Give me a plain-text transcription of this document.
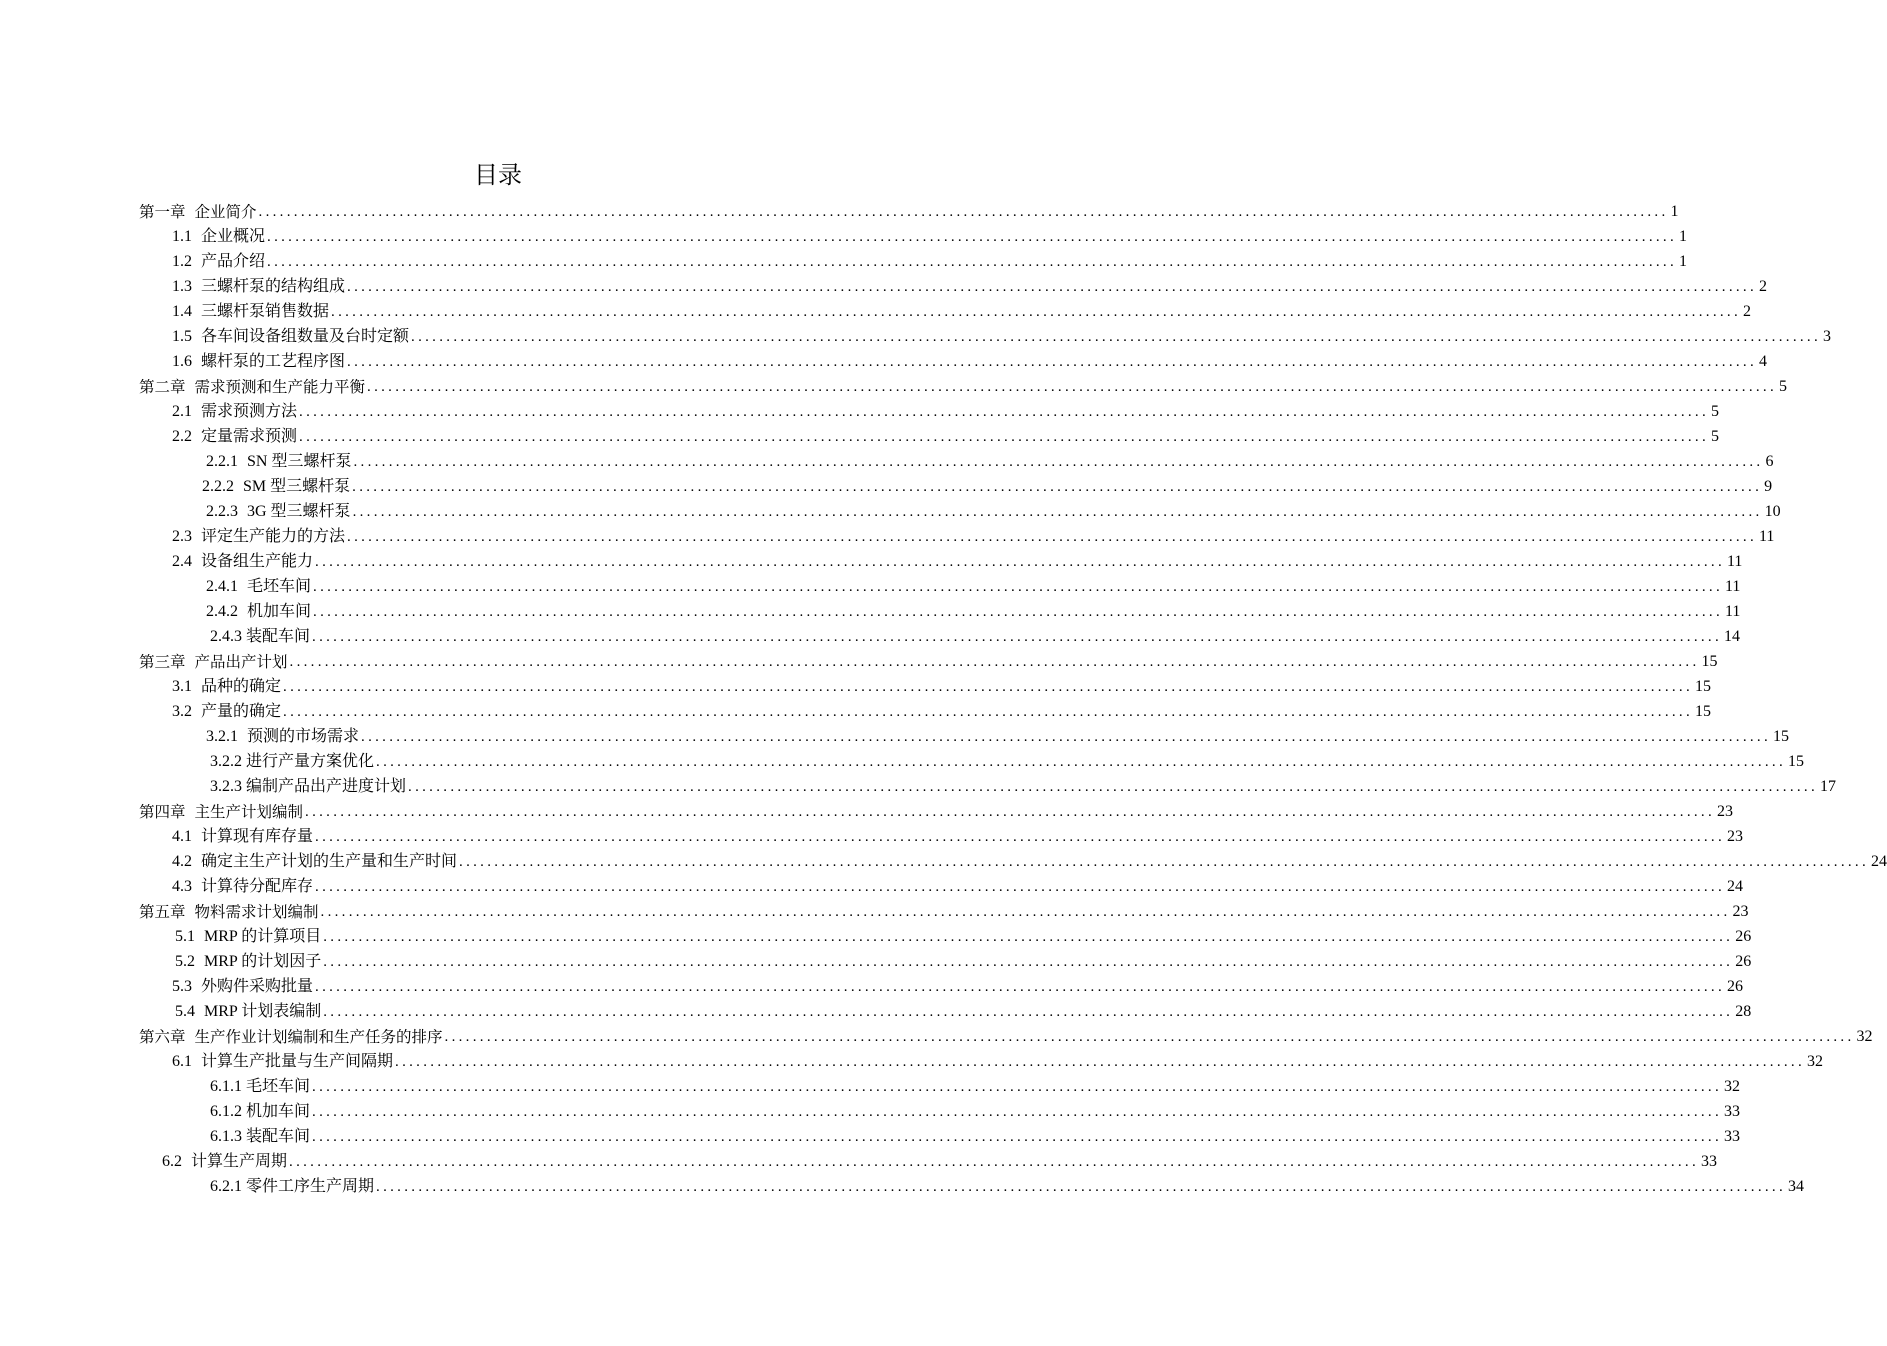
目录
第一章 企业简介 ........................................................................................................................................................................................................ 1
1.1 企业概况 ........................................................................................................................................................................................................ 1
1.2 产品介绍 ........................................................................................................................................................................................................ 1
1.3 三螺杆泵的结构组成 ........................................................................................................................................................................................................ 2
1.4 三螺杆泵销售数据 ........................................................................................................................................................................................................ 2
1.5 各车间设备组数量及台时定额 ........................................................................................................................................................................................................ 3
1.6 螺杆泵的工艺程序图 ........................................................................................................................................................................................................ 4
第二章 需求预测和生产能力平衡 ........................................................................................................................................................................................................ 5
2.1 需求预测方法 ........................................................................................................................................................................................................ 5
2.2 定量需求预测 ........................................................................................................................................................................................................ 5
2.2.1 SN 型三螺杆泵 ........................................................................................................................................................................................................ 6
2.2.2 SM 型三螺杆泵 ........................................................................................................................................................................................................ 9
2.2.3 3G 型三螺杆泵 ........................................................................................................................................................................................................ 10
2.3 评定生产能力的方法 ........................................................................................................................................................................................................ 11
2.4 设备组生产能力 ........................................................................................................................................................................................................ 11
2.4.1 毛坯车间 ........................................................................................................................................................................................................ 11
2.4.2 机加车间 ........................................................................................................................................................................................................ 11
2.4.3 装配车间 ........................................................................................................................................................................................................ 14
第三章 产品出产计划 ........................................................................................................................................................................................................ 15
3.1 品种的确定 ........................................................................................................................................................................................................ 15
3.2 产量的确定 ........................................................................................................................................................................................................ 15
3.2.1 预测的市场需求 ........................................................................................................................................................................................................ 15
3.2.2 进行产量方案优化 ........................................................................................................................................................................................................ 15
3.2.3 编制产品出产进度计划 ........................................................................................................................................................................................................ 17
第四章 主生产计划编制 ........................................................................................................................................................................................................ 23
4.1 计算现有库存量 ........................................................................................................................................................................................................ 23
4.2 确定主生产计划的生产量和生产时间 ........................................................................................................................................................................................................ 24
4.3 计算待分配库存 ........................................................................................................................................................................................................ 24
第五章 物料需求计划编制 ........................................................................................................................................................................................................ 23
5.1 MRP 的计算项目 ........................................................................................................................................................................................................ 26
5.2 MRP 的计划因子 ........................................................................................................................................................................................................ 26
5.3 外购件采购批量 ........................................................................................................................................................................................................ 26
5.4 MRP 计划表编制 ........................................................................................................................................................................................................ 28
第六章 生产作业计划编制和生产任务的排序 ........................................................................................................................................................................................................ 32
6.1 计算生产批量与生产间隔期 ........................................................................................................................................................................................................ 32
6.1.1 毛坯车间 ........................................................................................................................................................................................................ 32
6.1.2 机加车间 ........................................................................................................................................................................................................ 33
6.1.3 装配车间 ........................................................................................................................................................................................................ 33
6.2 计算生产周期 ........................................................................................................................................................................................................ 33
6.2.1 零件工序生产周期 ........................................................................................................................................................................................................ 34
